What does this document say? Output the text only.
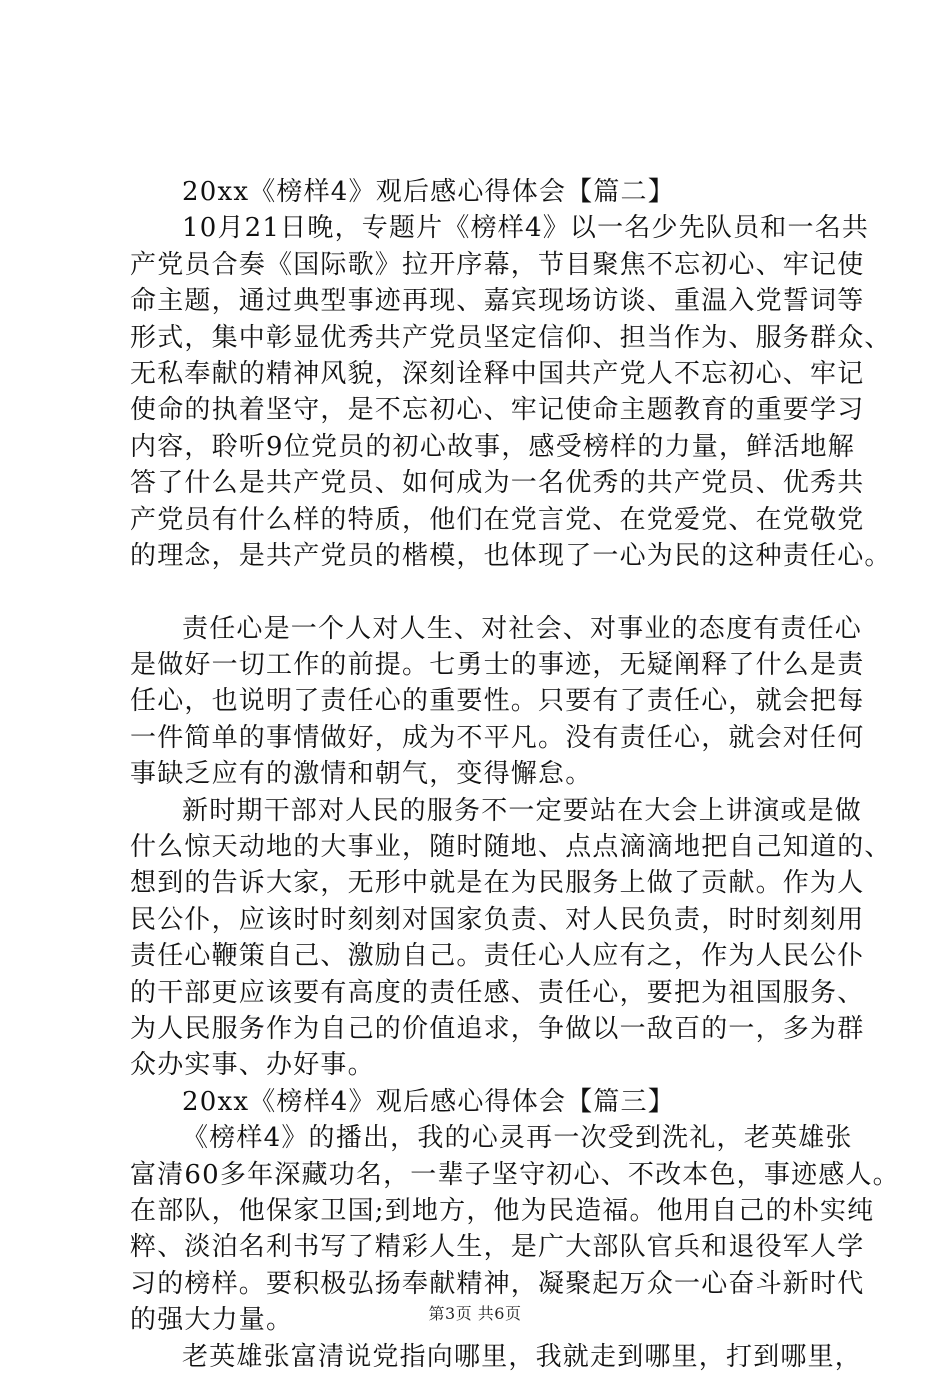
20xx《榜样4》观后感心得体会【篇二】
10月21日晚，专题片《榜样4》以一名少先队员和一名共
产党员合奏《国际歌》拉开序幕，节目聚焦不忘初心、牢记使
命主题，通过典型事迹再现、嘉宾现场访谈、重温入党誓词等
形式，集中彰显优秀共产党员坚定信仰、担当作为、服务群众、
无私奉献的精神风貌，深刻诠释中国共产党人不忘初心、牢记
使命的执着坚守，是不忘初心、牢记使命主题教育的重要学习
内容，聆听9位党员的初心故事，感受榜样的力量，鲜活地解
答了什么是共产党员、如何成为一名优秀的共产党员、优秀共
产党员有什么样的特质，他们在党言党、在党爱党、在党敬党
的理念，是共产党员的楷模，也体现了一心为民的这种责任心。
责任心是一个人对人生、对社会、对事业的态度有责任心
是做好一切工作的前提。七勇士的事迹，无疑阐释了什么是责
任心，也说明了责任心的重要性。只要有了责任心，就会把每
一件简单的事情做好，成为不平凡。没有责任心，就会对任何
事缺乏应有的激情和朝气，变得懈怠。
新时期干部对人民的服务不一定要站在大会上讲演或是做
什么惊天动地的大事业，随时随地、点点滴滴地把自己知道的、
想到的告诉大家，无形中就是在为民服务上做了贡献。作为人
民公仆，应该时时刻刻对国家负责、对人民负责，时时刻刻用
责任心鞭策自己、激励自己。责任心人应有之，作为人民公仆
的干部更应该要有高度的责任感、责任心，要把为祖国服务、
为人民服务作为自己的价值追求，争做以一敌百的一，多为群
众办实事、办好事。
20xx《榜样4》观后感心得体会【篇三】
《榜样4》的播出，我的心灵再一次受到洗礼，老英雄张
富清60多年深藏功名，一辈子坚守初心、不改本色，事迹感人。
在部队，他保家卫国;到地方，他为民造福。他用自己的朴实纯
粹、淡泊名利书写了精彩人生，是广大部队官兵和退役军人学
习的榜样。要积极弘扬奉献精神，凝聚起万众一心奋斗新时代
的强大力量。
老英雄张富清说党指向哪里，我就走到哪里，打到哪里，
第3页 共6页
